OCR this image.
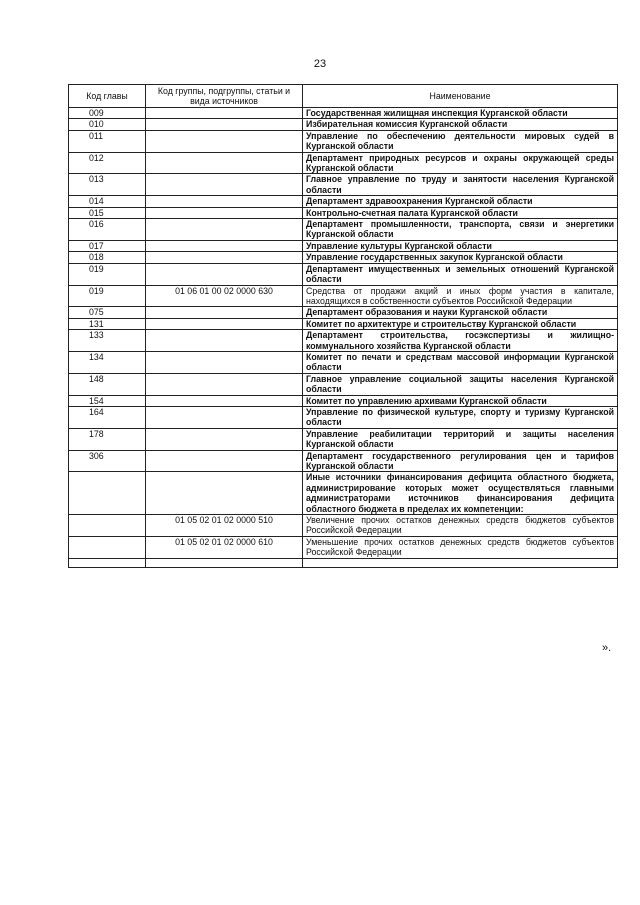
23
Код главы	Код группы, подгруппы, статьи и вида источников	Наименование
009		Государственная жилищная инспекция Курганской области
010		Избирательная комиссия Курганской области
011		Управление по обеспечению деятельности мировых судей в Курганской области
012		Департамент природных ресурсов и охраны окружающей среды Курганской области
013		Главное управление по труду и занятости населения Курганской области
014		Департамент здравоохранения Курганской области
015		Контрольно-счетная палата Курганской области
016		Департамент промышленности, транспорта, связи и энергетики Курганской области
017		Управление культуры Курганской области
018		Управление государственных закупок Курганской области
019		Департамент имущественных и земельных отношений Курганской области
019	01 06 01 00 02 0000 630	Средства от продажи акций и иных форм участия в капитале, находящихся в собственности субъектов Российской Федерации
075		Департамент образования и науки Курганской области
131		Комитет по архитектуре и строительству Курганской области
133		Департамент строительства, госэкспертизы и жилищно-коммунального хозяйства Курганской области
134		Комитет по печати и средствам массовой информации Курганской области
148		Главное управление социальной защиты населения Курганской области
154		Комитет по управлению архивами Курганской области
164		Управление по физической культуре, спорту и туризму Курганской области
178		Управление реабилитации территорий и защиты населения Курганской области
306		Департамент государственного регулирования цен и тарифов Курганской области
		Иные источники финансирования дефицита областного бюджета, администрирование которых может осуществляться главными администраторами источников финансирования дефицита областного бюджета в пределах их компетенции:
	01 05 02 01 02 0000 510	Увеличение прочих остатков денежных средств бюджетов субъектов Российской Федерации
	01 05 02 01 02 0000 610	Уменьшение прочих остатков денежных средств бюджетов субъектов Российской Федерации

».
